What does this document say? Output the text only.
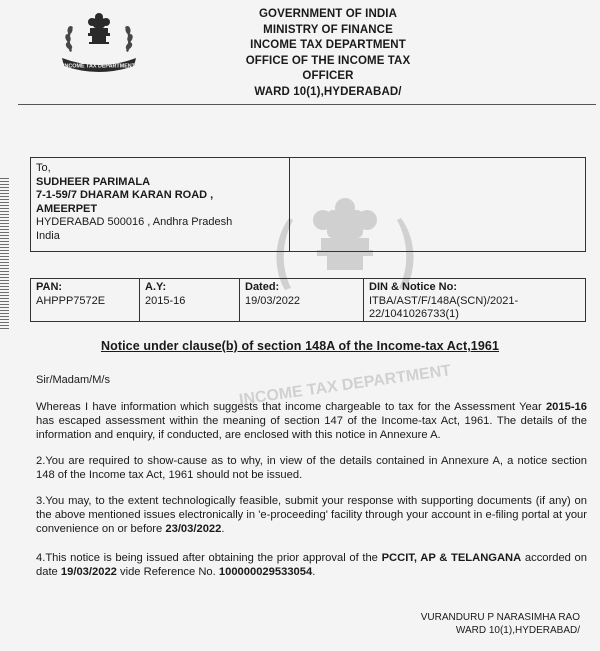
INCOME TAX DEPARTMENT
GOVERNMENT OF INDIA
MINISTRY OF FINANCE
INCOME TAX DEPARTMENT
OFFICE OF THE INCOME TAX
OFFICER
WARD 10(1),HYDERABAD/
INCOME TAX DEPARTMENT
To,
SUDHEER PARIMALA
7-1-59/7 DHARAM KARAN ROAD ,
AMEERPET
HYDERABAD 500016 , Andhra Pradesh
India
PAN:
AHPPP7572E
A.Y:
2015-16
Dated:
19/03/2022
DIN & Notice No:
ITBA/AST/F/148A(SCN)/2021-
22/1041026733(1)
Notice under clause(b) of section 148A of the Income-tax Act,1961
Sir/Madam/M/s
Whereas I have information which suggests that income chargeable to tax for the Assessment Year 2015-16 has escaped assessment within the meaning of section 147 of the Income-tax Act, 1961. The details of the information and enquiry, if conducted, are enclosed with this notice in Annexure A.
2.You are required to show-cause as to why, in view of the details contained in Annexure A, a notice section 148 of the Income tax Act, 1961 should not be issued.
3.You may, to the extent technologically feasible, submit your response with supporting documents (if any) on the above mentioned issues electronically in 'e-proceeding' facility through your account in e-filing portal at your convenience on or before 23/03/2022.
4.This notice is being issued after obtaining the prior approval of the PCCIT, AP & TELANGANA accorded on date 19/03/2022 vide Reference No. 100000029533054.
VURANDURU P NARASIMHA RAO
WARD 10(1),HYDERABAD/
